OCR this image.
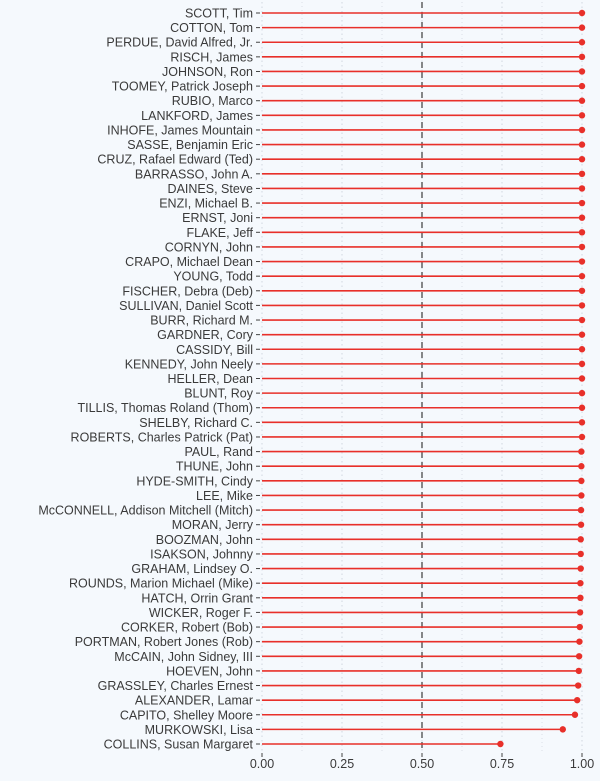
SCOTT, Tim
COTTON, Tom
PERDUE, David Alfred, Jr.
RISCH, James
JOHNSON, Ron
TOOMEY, Patrick Joseph
RUBIO, Marco
LANKFORD, James
INHOFE, James Mountain
SASSE, Benjamin Eric
CRUZ, Rafael Edward (Ted)
BARRASSO, John A.
DAINES, Steve
ENZI, Michael B.
ERNST, Joni
FLAKE, Jeff
CORNYN, John
CRAPO, Michael Dean
YOUNG, Todd
FISCHER, Debra (Deb)
SULLIVAN, Daniel Scott
BURR, Richard M.
GARDNER, Cory
CASSIDY, Bill
KENNEDY, John Neely
HELLER, Dean
BLUNT, Roy
TILLIS, Thomas Roland (Thom)
SHELBY, Richard C.
ROBERTS, Charles Patrick (Pat)
PAUL, Rand
THUNE, John
HYDE-SMITH, Cindy
LEE, Mike
McCONNELL, Addison Mitchell (Mitch)
MORAN, Jerry
BOOZMAN, John
ISAKSON, Johnny
GRAHAM, Lindsey O.
ROUNDS, Marion Michael (Mike)
HATCH, Orrin Grant
WICKER, Roger F.
CORKER, Robert (Bob)
PORTMAN, Robert Jones (Rob)
McCAIN, John Sidney, III
HOEVEN, John
GRASSLEY, Charles Ernest
ALEXANDER, Lamar
CAPITO, Shelley Moore
MURKOWSKI, Lisa
COLLINS, Susan Margaret
0.00	0.25	0.50	0.75	1.00
